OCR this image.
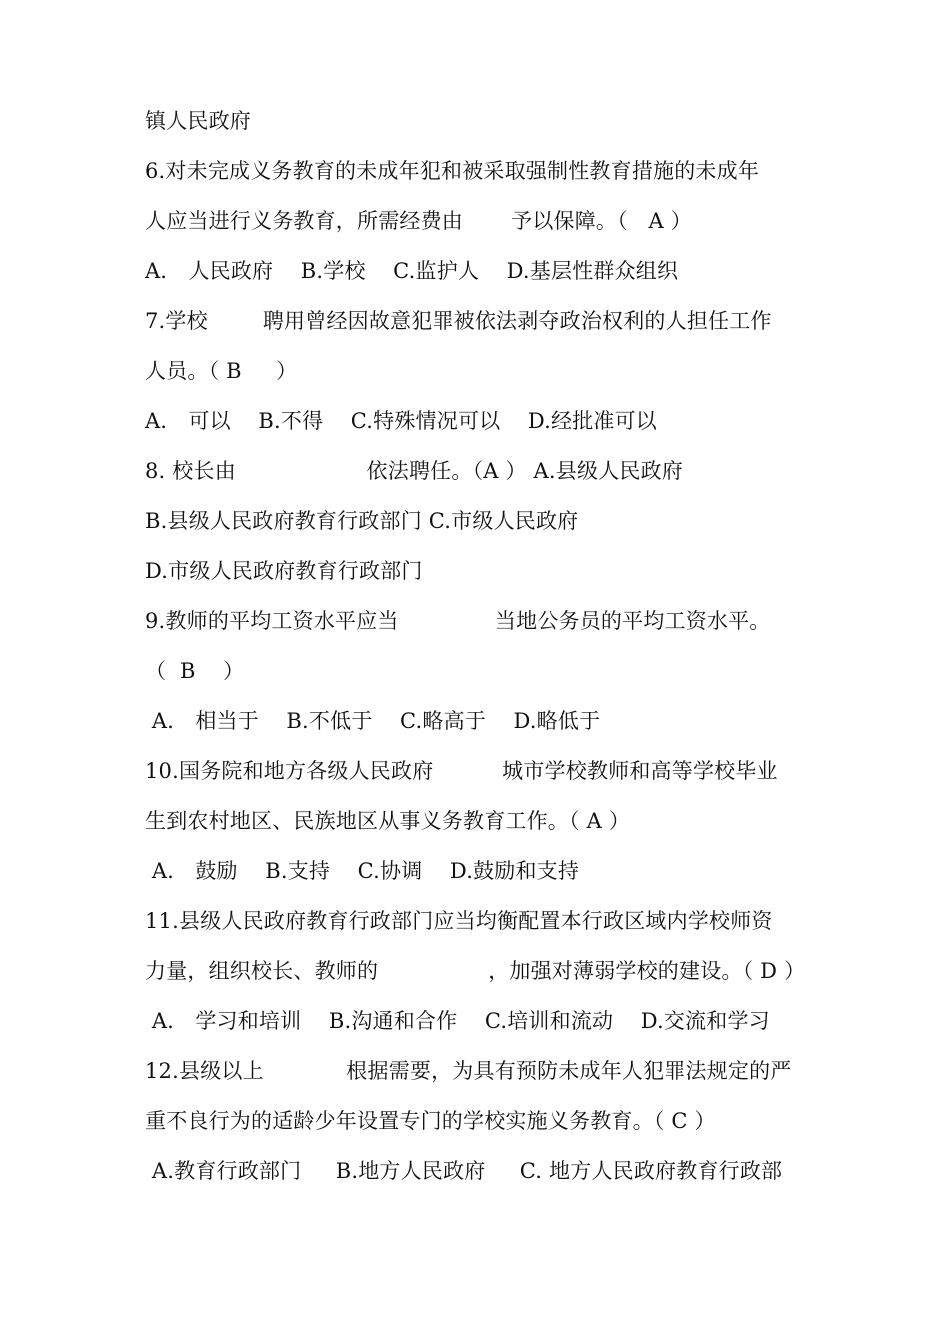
镇人民政府
6.对未完成义务教育的未成年犯和被采取强制性教育措施的未成年
人应当进行义务教育，所需经费由       予以保障。（   A ）
A． 人民政府    B.学校    C.监护人    D.基层性群众组织
7.学校        聘用曾经因故意犯罪被依法剥夺政治权利的人担任工作
人员。（ B     ）
A． 可以    B.不得    C.特殊情况可以    D.经批准可以
8. 校长由                   依法聘任。（A ） A.县级人民政府
B.县级人民政府教育行政部门 C.市级人民政府
D.市级人民政府教育行政部门
9.教师的平均工资水平应当              当地公务员的平均工资水平。
（  B    ）
A． 相当于    B.不低于    C.略高于    D.略低于
10.国务院和地方各级人民政府          城市学校教师和高等学校毕业
生到农村地区、民族地区从事义务教育工作。（ A ）
A． 鼓励    B.支持    C.协调    D.鼓励和支持
11.县级人民政府教育行政部门应当均衡配置本行政区域内学校师资
力量，组织校长、教师的                ，加强对薄弱学校的建设。（ D ）
A． 学习和培训    B.沟通和合作    C.培训和流动    D.交流和学习
12.县级以上            根据需要，为具有预防未成年人犯罪法规定的严
重不良行为的适龄少年设置专门的学校实施义务教育。（ C ）
A.教育行政部门     B.地方人民政府     C. 地方人民政府教育行政部
